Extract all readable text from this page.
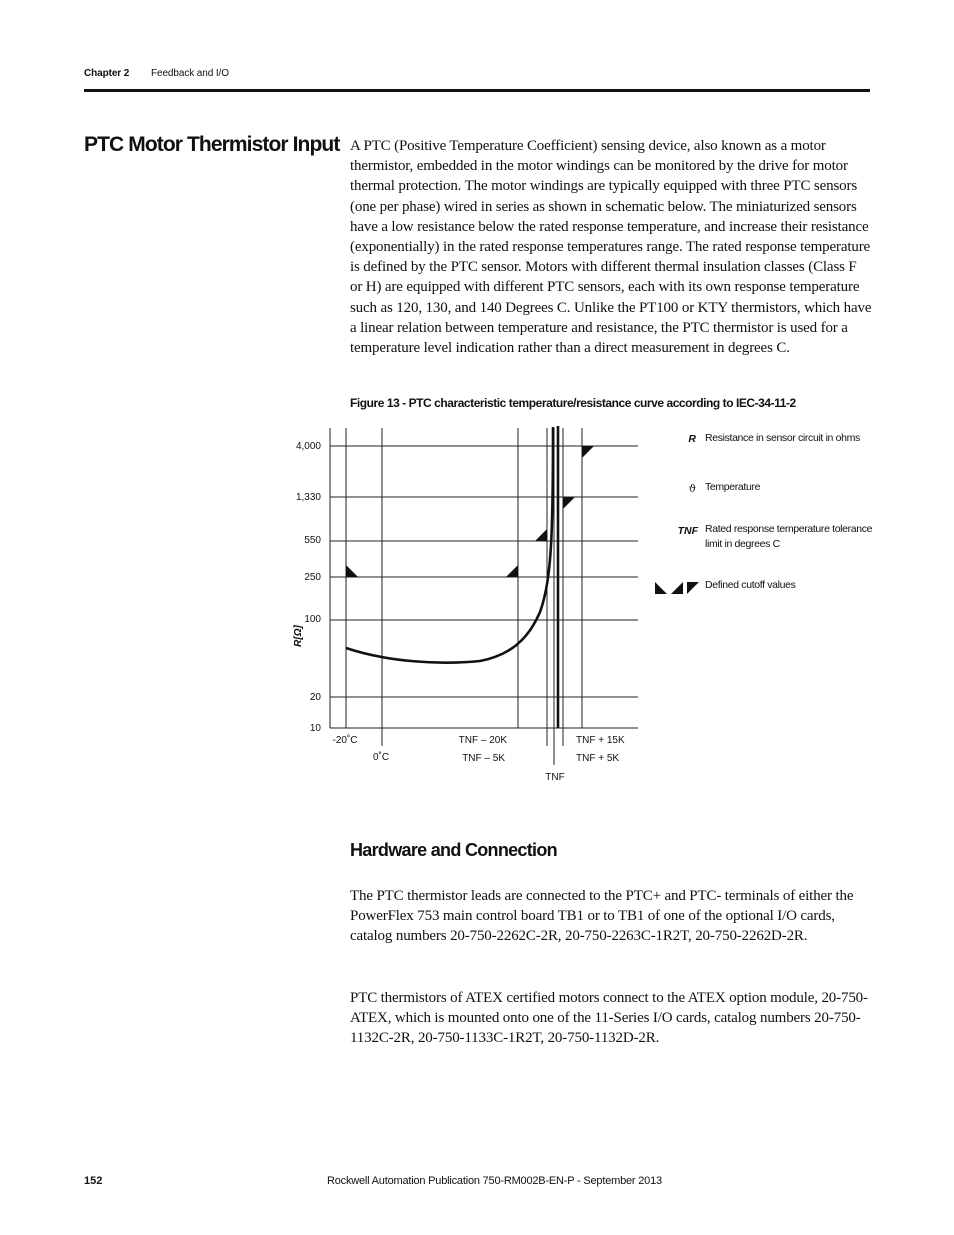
Chapter 2 Feedback and I/O
PTC Motor Thermistor Input A PTC (Positive Temperature Coefficient) sensing device, also known as a motor thermistor, embedded in the motor windings can be monitored by the drive for motor thermal protection. The motor windings are typically equipped with three PTC sensors (one per phase) wired in series as shown in schematic below. The miniaturized sensors have a low resistance below the rated response temperature, and increase their resistance (exponentially) in the rated response temperatures range. The rated response temperature is defined by the PTC sensor. Motors with different thermal insulation classes (Class F or H) are equipped with different PTC sensors, each with its own response temperature such as 120, 130, and 140 Degrees C. Unlike the PT100 or KTY thermistors, which have a linear relation between temperature and resistance, the PTC thermistor is used for a temperature level indication rather than a direct measurement in degrees C.

Figure 13 - PTC characteristic temperature/resistance curve according to IEC-34-11-2
4,000
1,330
550
250
100
20
10
R[Ω]
-20˚C	TNF – 20K	TNF + 15K
0˚C	TNF – 5K	TNF + 5K
TNF
R Resistance in sensor circuit in ohms
ϑ Temperature
TNF Rated response temperature tolerance limit in degrees C
Defined cutoff values
Hardware and Connection

The PTC thermistor leads are connected to the PTC+ and PTC- terminals of either the PowerFlex 753 main control board TB1 or to TB1 of one of the optional I/O cards, catalog numbers 20-750-2262C-2R, 20-750-2263C-1R2T, 20-750-2262D-2R.

PTC thermistors of ATEX certified motors connect to the ATEX option module, 20-750-ATEX, which is mounted onto one of the 11-Series I/O cards, catalog numbers 20-750-1132C-2R, 20-750-1133C-1R2T, 20-750-1132D-2R.

152	Rockwell Automation Publication 750-RM002B-EN-P - September 2013
